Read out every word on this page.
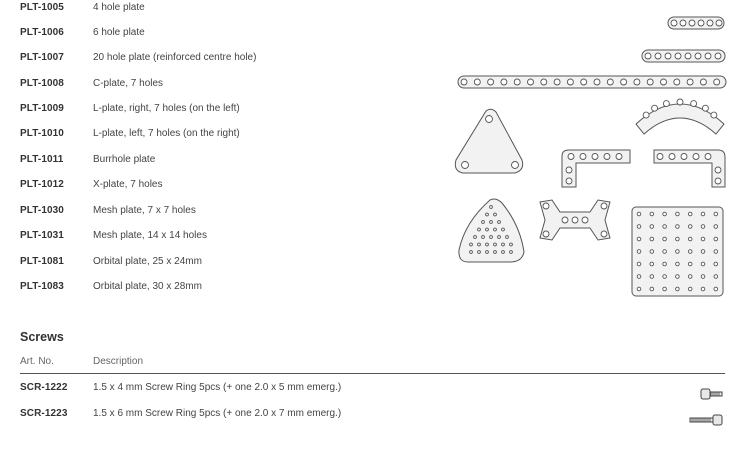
PLT-1005	4 hole plate
PLT-1006	6 hole plate
PLT-1007	20 hole plate (reinforced centre hole)
PLT-1008	C-plate, 7 holes
PLT-1009	L-plate, right, 7 holes (on the left)
PLT-1010	L-plate, left, 7 holes (on the right)
PLT-1011	Burrhole plate
PLT-1012	X-plate, 7 holes
PLT-1030	Mesh plate, 7 x 7 holes
PLT-1031	Mesh plate, 14 x 14 holes
PLT-1081	Orbital plate, 25 x 24mm
PLT-1083	Orbital plate, 30 x 28mm
Screws
Art. No.	Description
SCR-1222	1.5 x 4 mm Screw Ring 5pcs (+ one 2.0 x 5 mm emerg.)
SCR-1223	1.5 x 6 mm Screw Ring 5pcs (+ one 2.0 x 7 mm emerg.)
